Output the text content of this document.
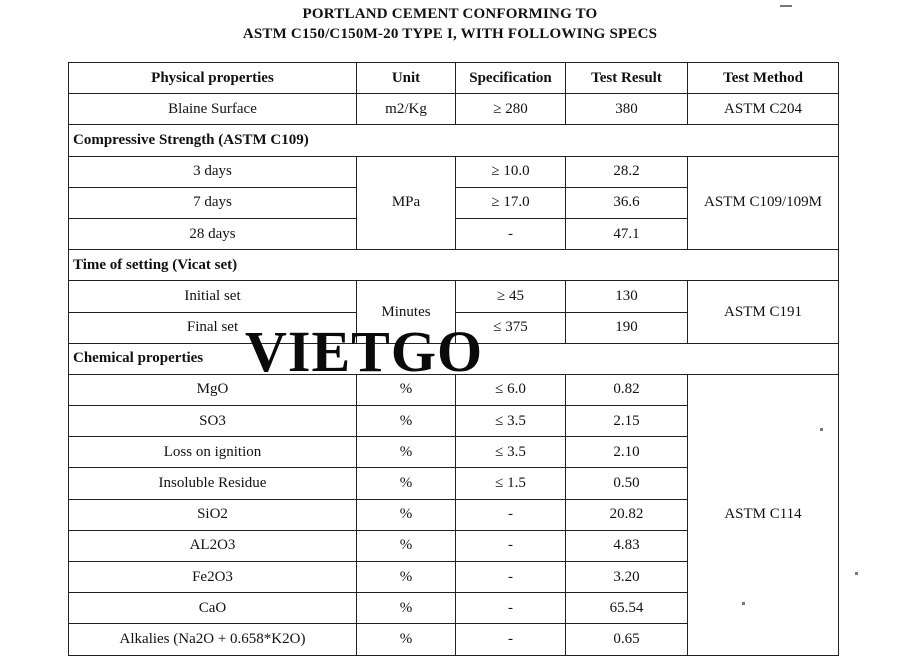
PORTLAND CEMENT CONFORMING TO
ASTM C150/C150M-20 TYPE I, WITH FOLLOWING SPECS
Physical properties	Unit	Specification	Test Result	Test Method
Blaine Surface	m2/Kg	≥ 280	380	ASTM C204
Compressive Strength (ASTM C109)				
3 days	MPa	≥ 10.0	28.2	ASTM C109/109M
7 days		≥ 17.0	36.6	
28 days		-	47.1	
Time of setting (Vicat set)				
Initial set	Minutes	≥ 45	130	ASTM C191
Final set		≤ 375	190	
Chemical properties				
MgO	%	≤ 6.0	0.82	ASTM C114
SO3	%	≤ 3.5	2.15	
Loss on ignition	%	≤ 3.5	2.10	
Insoluble Residue	%	≤ 1.5	0.50	
SiO2	%	-	20.82	
AL2O3	%	-	4.83	
Fe2O3	%	-	3.20	
CaO	%	-	65.54	
Alkalies (Na2O + 0.658*K2O)	%	-	0.65	
VIETGO
